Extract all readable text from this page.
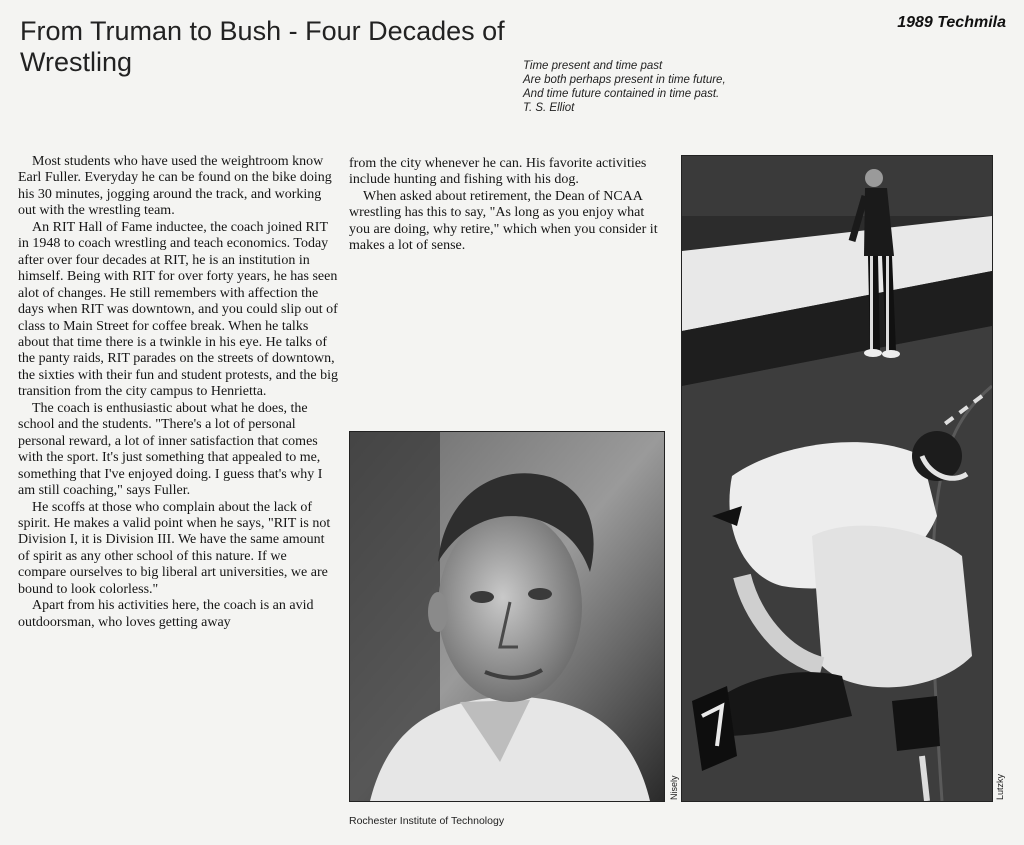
From Truman to Bush - Four Decades of Wrestling
1989 Techmila
Time present and time past
Are both perhaps present in time future,
And time future contained in time past.
T. S. Elliot

Most students who have used the weightroom know Earl Fuller. Everyday he can be found on the bike doing his 30 minutes, jogging around the track, and working out with the wrestling team.

An RIT Hall of Fame inductee, the coach joined RIT in 1948 to coach wrestling and teach economics. Today after over four decades at RIT, he is an institution in himself. Being with RIT for over forty years, he has seen alot of changes. He still remembers with affection the days when RIT was downtown, and you could slip out of class to Main Street for coffee break. When he talks about that time there is a twinkle in his eye. He talks of the panty raids, RIT parades on the streets of downtown, the sixties with their fun and student protests, and the big transition from the city campus to Henrietta.

The coach is enthusiastic about what he does, the school and the students. "There's a lot of personal personal reward, a lot of inner satisfaction that comes with the sport. It's just something that appealed to me, something that I've enjoyed doing. I guess that's why I am still coaching," says Fuller.

He scoffs at those who complain about the lack of spirit. He makes a valid point when he says, "RIT is not Division I, it is Division III. We have the same amount of spirit as any other school of this nature. If we compare ourselves to big liberal art universities, we are bound to look colorless."

Apart from his activities here, the coach is an avid outdoorsman, who loves getting away

from the city whenever he can. His favorite activities include hunting and fishing with his dog.

When asked about retirement, the Dean of NCAA wrestling has this to say, "As long as you enjoy what you are doing, why retire," which when you consider it makes a lot of sense.

Nisely	Lutzky
Rochester Institute of Technology
